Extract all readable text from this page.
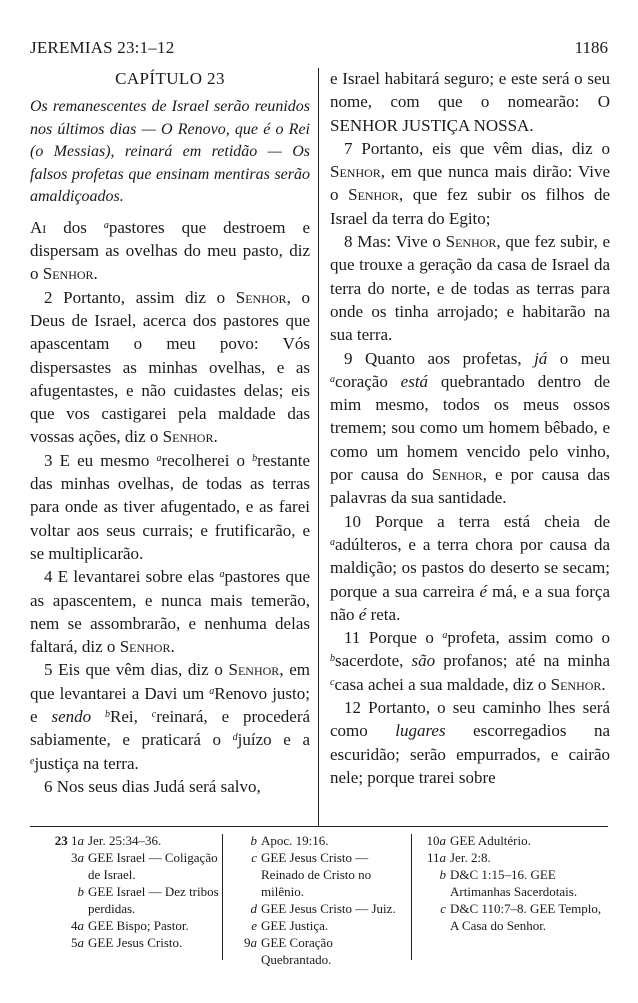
JEREMIAS 23:1–12	1186
CAPÍTULO 23
Os remanescentes de Israel serão reunidos nos últimos dias — O Renovo, que é o Rei (o Messias), reinará em retidão — Os falsos profetas que ensinam mentiras serão amaldiçoados.

Ai dos $^a$pastores que destroem e dispersam as ovelhas do meu pasto, diz o Senhor.

2 Portanto, assim diz o Senhor, o Deus de Israel, acerca dos pastores que apascentam o meu povo: Vós dispersastes as minhas ovelhas, e as afugentastes, e não cuidastes delas; eis que vos castigarei pela maldade das vossas ações, diz o Senhor.

3 E eu mesmo $^a$recolherei o $^b$restante das minhas ovelhas, de todas as terras para onde as tiver afugentado, e as farei voltar aos seus currais; e frutificarão, e se multiplicarão.

4 E levantarei sobre elas $^a$pastores que as apascentem, e nunca mais temerão, nem se assombrarão, e nenhuma delas faltará, diz o Senhor.

5 Eis que vêm dias, diz o Senhor, em que levantarei a Davi um $^a$Renovo justo; e sendo $^b$Rei, $^c$reinará, e procederá sabiamente, e praticará o $^d$juízo e a $^e$justiça na terra.

6 Nos seus dias Judá será salvo,

e Israel habitará seguro; e este será o seu nome, com que o nomearão: O SENHOR JUSTIÇA NOSSA.

7 Portanto, eis que vêm dias, diz o Senhor, em que nunca mais dirão: Vive o Senhor, que fez subir os filhos de Israel da terra do Egito;

8 Mas: Vive o Senhor, que fez subir, e que trouxe a geração da casa de Israel da terra do norte, e de todas as terras para onde os tinha arrojado; e habitarão na sua terra.

9 Quanto aos profetas, já o meu $^a$coração está quebrantado dentro de mim mesmo, todos os meus ossos tremem; sou como um homem bêbado, e como um homem vencido pelo vinho, por causa do Senhor, e por causa das palavras da sua santidade.

10 Porque a terra está cheia de $^a$adúlteros, e a terra chora por causa da maldição; os pastos do deserto se secam; porque a sua carreira é má, e a sua força não é reta.

11 Porque o $^a$profeta, assim como o $^b$sacerdote, são profanos; até na minha $^c$casa achei a sua maldade, diz o Senhor.

12 Portanto, o seu caminho lhes será como lugares escorregadios na escuridão; serão empurrados, e cairão nele; porque trarei sobre

23 1a Jer. 25:34–36.
3a GEE Israel — Coligação de Israel.
b GEE Israel — Dez tribos perdidas.
4a GEE Bispo; Pastor.
5a GEE Jesus Cristo.
b Apoc. 19:16.
c GEE Jesus Cristo — Reinado de Cristo no milênio.
d GEE Jesus Cristo — Juiz.
e GEE Justiça.
9a GEE Coração Quebrantado.
10a GEE Adultério.
11a Jer. 2:8.
b D&C 1:15–16. GEE Artimanhas Sacerdotais.
c D&C 110:7–8. GEE Templo, A Casa do Senhor.
